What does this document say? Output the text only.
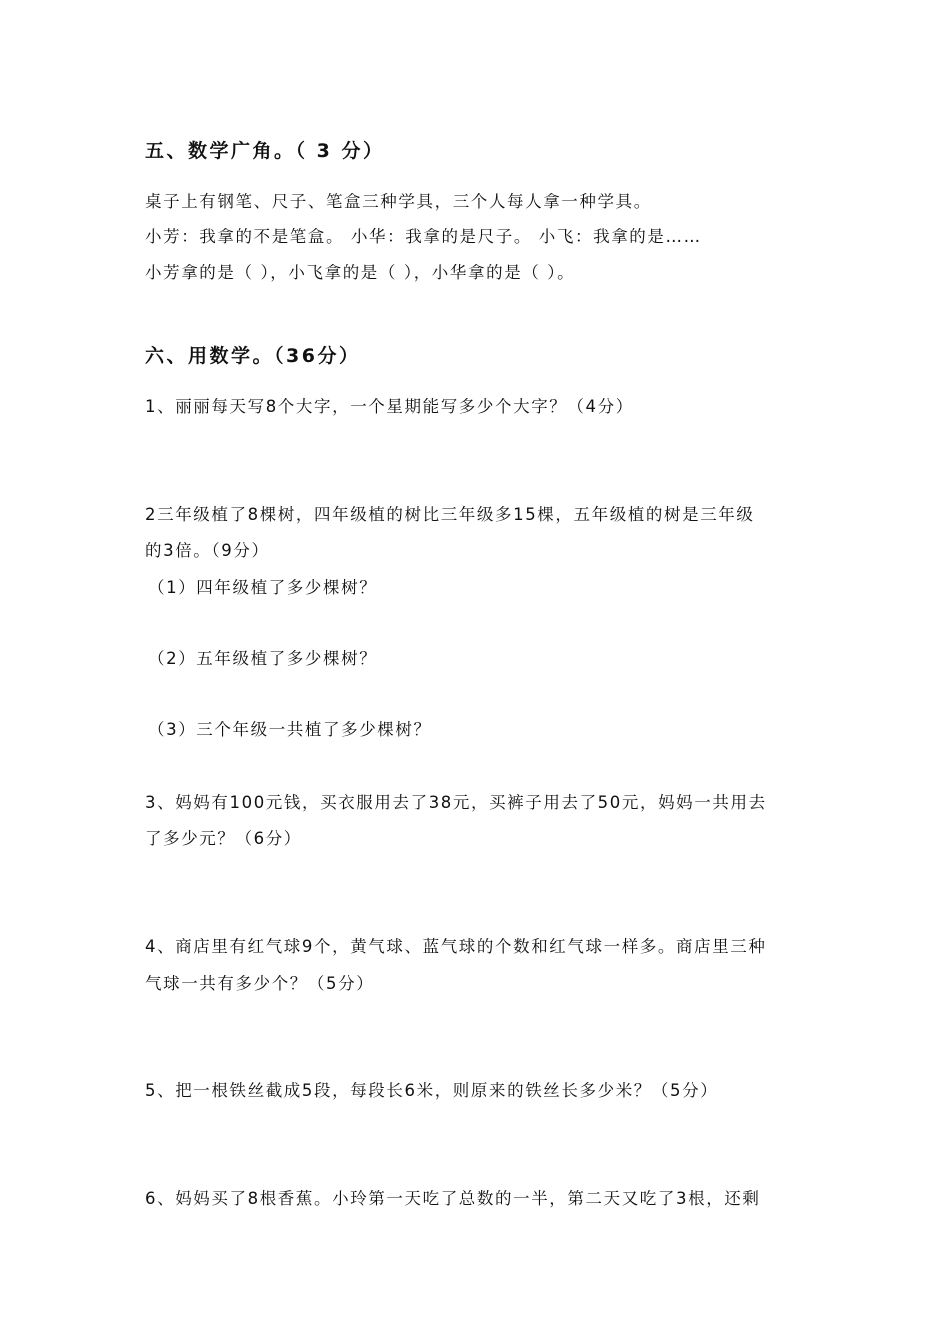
五、数学广角。（ 3 分）
桌子上有钢笔、尺子、笔盒三种学具，三个人每人拿一种学具。
小芳：我拿的不是笔盒。 小华：我拿的是尺子。 小飞：我拿的是……
小芳拿的是（ ），小飞拿的是（ ），小华拿的是（ ）。
六、用数学。（36分）
1、丽丽每天写8个大字，一个星期能写多少个大字？（4分）
2三年级植了8棵树，四年级植的树比三年级多15棵，五年级植的树是三年级
的3倍。（9分）
（1）四年级植了多少棵树？
（2）五年级植了多少棵树？
（3）三个年级一共植了多少棵树？
3、妈妈有100元钱，买衣服用去了38元，买裤子用去了50元，妈妈一共用去
了多少元？（6分）
4、商店里有红气球9个，黄气球、蓝气球的个数和红气球一样多。商店里三种
气球一共有多少个？（5分）
5、把一根铁丝截成5段，每段长6米，则原来的铁丝长多少米？（5分）
6、妈妈买了8根香蕉。小玲第一天吃了总数的一半，第二天又吃了3根，还剩
